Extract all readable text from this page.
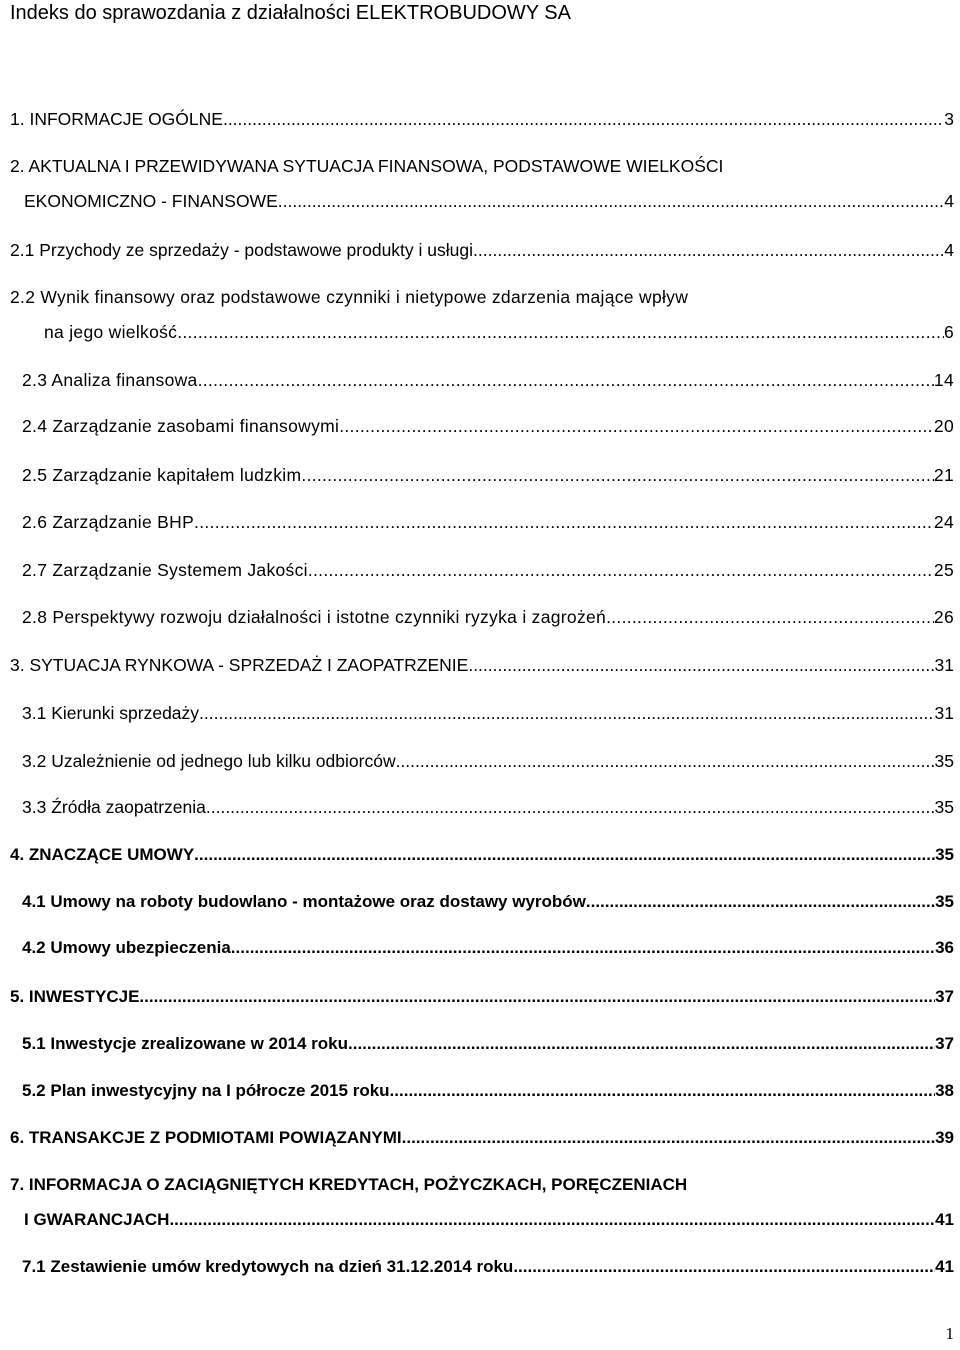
Indeks do sprawozdania z działalności ELEKTROBUDOWY SA
1. INFORMACJE OGÓLNE .....	3
2. AKTUALNA I PRZEWIDYWANA SYTUACJA FINANSOWA, PODSTAWOWE WIELKOŚCI
EKONOMICZNO - FINANSOWE .....	4
2.1 Przychody ze sprzedaży - podstawowe produkty i usługi .....	4
2.2 Wynik finansowy oraz podstawowe czynniki i nietypowe zdarzenia mające wpływ
na jego wielkość .....	6
2.3 Analiza finansowa .....	14
2.4 Zarządzanie zasobami finansowymi .....	20
2.5 Zarządzanie kapitałem ludzkim .....	21
2.6 Zarządzanie BHP .....	24
2.7 Zarządzanie Systemem Jakości .....	25
2.8 Perspektywy rozwoju działalności i istotne czynniki ryzyka i zagrożeń .....	26
3. SYTUACJA RYNKOWA - SPRZEDAŻ I ZAOPATRZENIE .....	31
3.1 Kierunki sprzedaży .....	31
3.2 Uzależnienie od jednego lub kilku odbiorców .....	35
3.3 Źródła zaopatrzenia .....	35
4. ZNACZĄCE UMOWY .....	35
4.1 Umowy na roboty budowlano - montażowe oraz dostawy wyrobów .....	35
4.2 Umowy ubezpieczenia .....	36
5. INWESTYCJE .....	37
5.1 Inwestycje zrealizowane w 2014 roku .....	37
5.2 Plan inwestycyjny na I półrocze 2015 roku .....	38
6. TRANSAKCJE Z PODMIOTAMI POWIĄZANYMI .....	39
7. INFORMACJA O ZACIĄGNIĘTYCH KREDYTACH, POŻYCZKACH, PORĘCZENIACH
I GWARANCJACH .....	41
7.1 Zestawienie umów kredytowych na dzień 31.12.2014 roku .....	41
1
